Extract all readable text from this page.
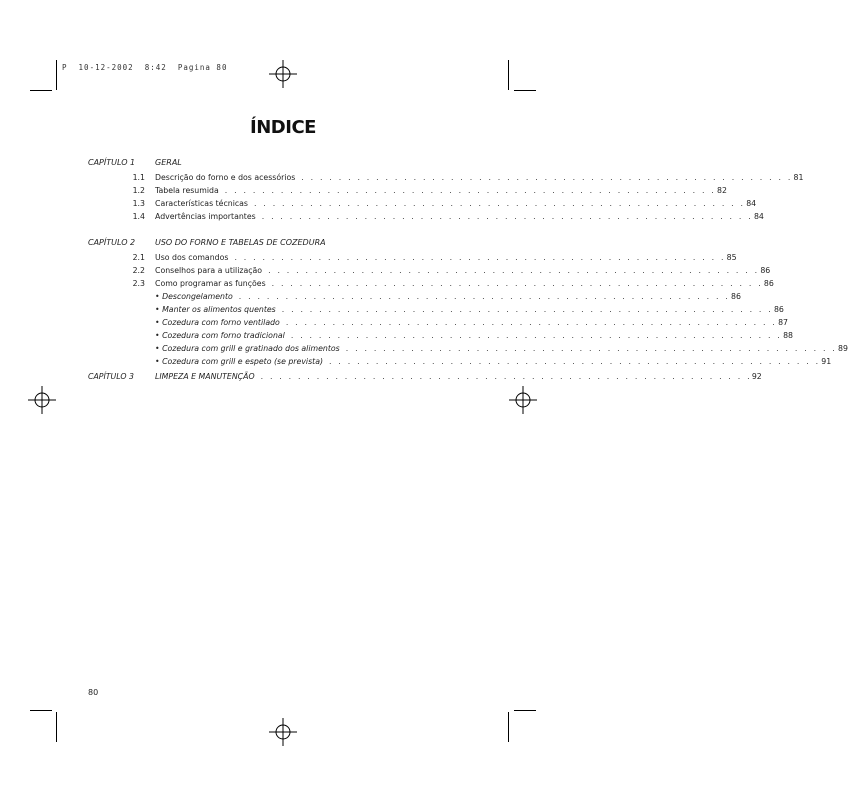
P  10-12-2002  8:42  Pagina 80
ÍNDICE
CAPÍTULO 1 GERAL
1.1 Descrição do forno e dos acessórios . . . . . . . . . . . . . . . . . . . . . . . . . . . . . . . . . . . . . . . . . . . . . . . . . . . . . 81
1.2 Tabela resumida . . . . . . . . . . . . . . . . . . . . . . . . . . . . . . . . . . . . . . . . . . . . . . . . . . . . . 82
1.3 Características técnicas . . . . . . . . . . . . . . . . . . . . . . . . . . . . . . . . . . . . . . . . . . . . . . . . . . . . . 84
1.4 Advertências importantes . . . . . . . . . . . . . . . . . . . . . . . . . . . . . . . . . . . . . . . . . . . . . . . . . . . . . 84
CAPÍTULO 2 USO DO FORNO E TABELAS DE COZEDURA
2.1 Uso dos comandos . . . . . . . . . . . . . . . . . . . . . . . . . . . . . . . . . . . . . . . . . . . . . . . . . . . . . 85
2.2 Conselhos para a utilização . . . . . . . . . . . . . . . . . . . . . . . . . . . . . . . . . . . . . . . . . . . . . . . . . . . . . 86
2.3 Como programar as funções . . . . . . . . . . . . . . . . . . . . . . . . . . . . . . . . . . . . . . . . . . . . . . . . . . . . . 86
• Descongelamento . . . . . . . . . . . . . . . . . . . . . . . . . . . . . . . . . . . . . . . . . . . . . . . . . . . . . 86
• Manter os alimentos quentes . . . . . . . . . . . . . . . . . . . . . . . . . . . . . . . . . . . . . . . . . . . . . . . . . . . . . 86
• Cozedura com forno ventilado . . . . . . . . . . . . . . . . . . . . . . . . . . . . . . . . . . . . . . . . . . . . . . . . . . . . . 87
• Cozedura com forno tradicional . . . . . . . . . . . . . . . . . . . . . . . . . . . . . . . . . . . . . . . . . . . . . . . . . . . . . 88
• Cozedura com grill e gratinado dos alimentos . . . . . . . . . . . . . . . . . . . . . . . . . . . . . . . . . . . . . . . . . . . . . . . . . . . . . 89
• Cozedura com grill e espeto (se prevista) . . . . . . . . . . . . . . . . . . . . . . . . . . . . . . . . . . . . . . . . . . . . . . . . . . . . . 91
CAPÍTULO 3	LIMPEZA E MANUTENÇÃO . . . . . . . . . . . . . . . . . . . . . . . . . . . . . . . . . . . . . . . . . . . . . . . . . . . . . 92
80
